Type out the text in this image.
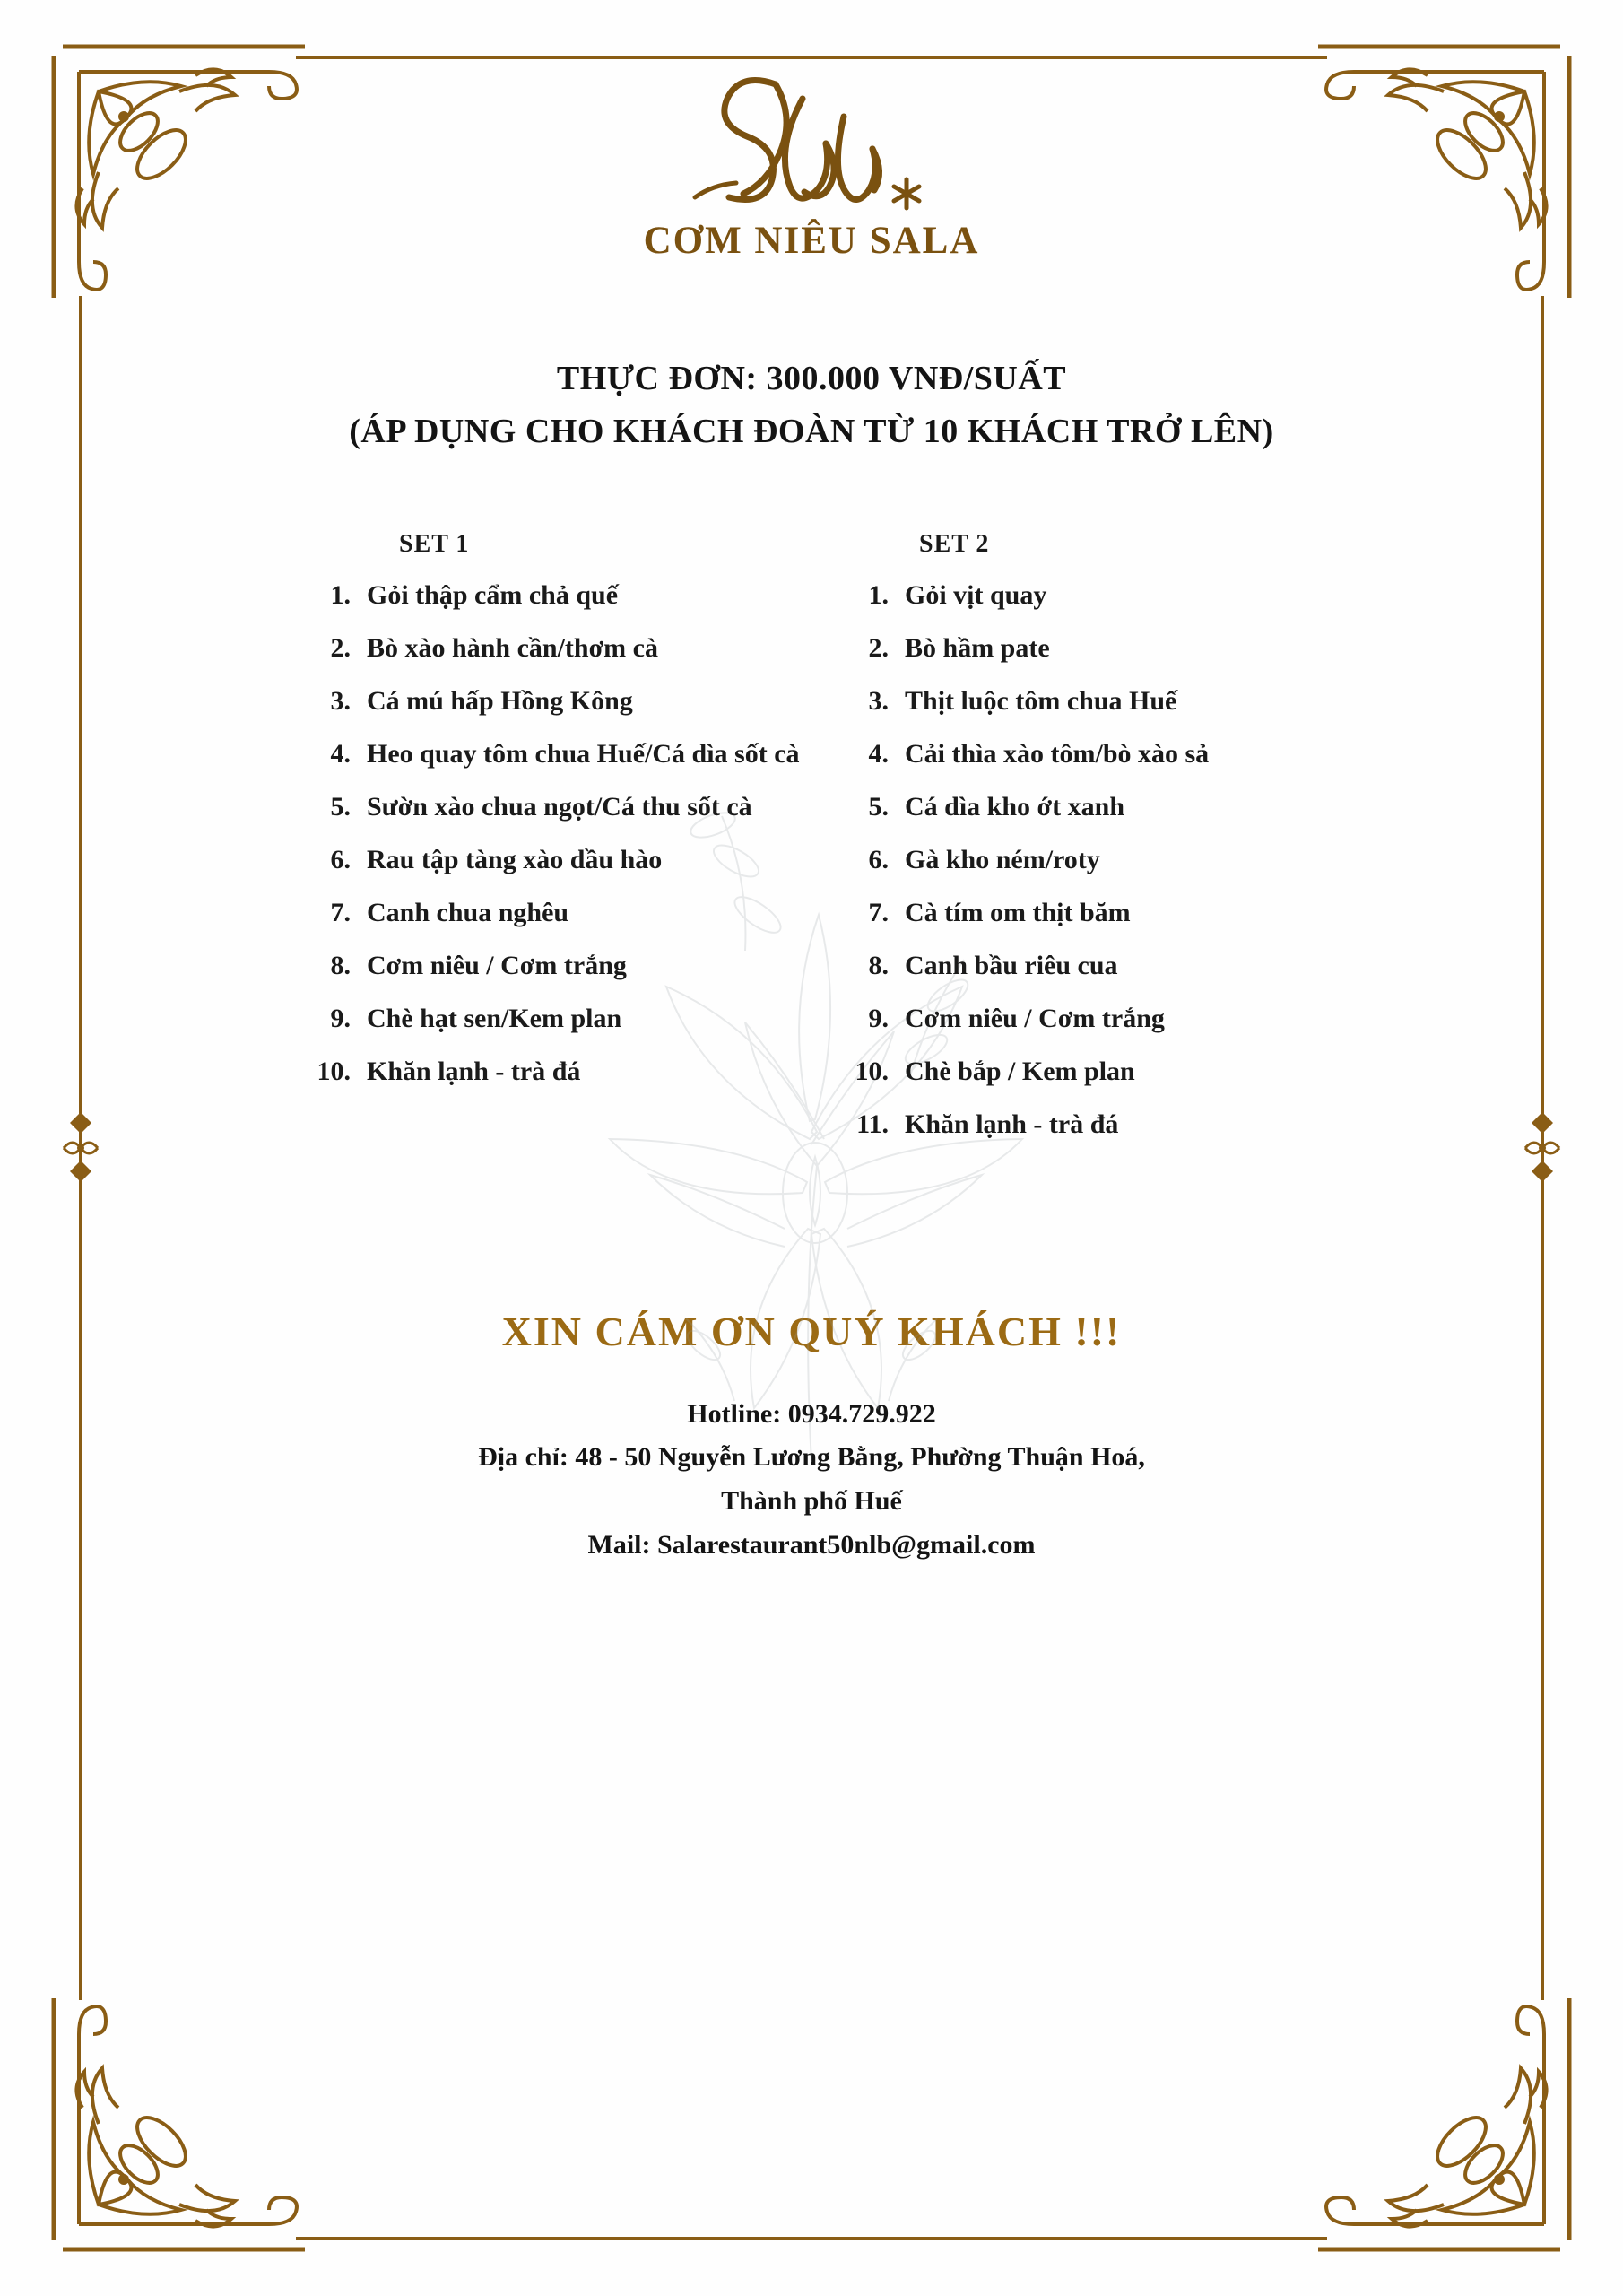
CƠM NIÊU SALA
THỰC ĐƠN: 300.000 VNĐ/SUẤT
(ÁP DỤNG CHO KHÁCH ĐOÀN TỪ 10 KHÁCH TRỞ LÊN)
SET 1
1. Gỏi thập cẩm chả quế
2. Bò xào hành cần/thơm cà
3. Cá mú hấp Hồng Kông
4. Heo quay tôm chua Huế/Cá dìa sốt cà
5. Sườn xào chua ngọt/Cá thu sốt cà
6. Rau tập tàng xào dầu hào
7. Canh chua nghêu
8. Cơm niêu / Cơm trắng
9. Chè hạt sen/Kem plan
10. Khăn lạnh - trà đá
SET 2
1. Gỏi vịt quay
2. Bò hầm pate
3. Thịt luộc tôm chua Huế
4. Cải thìa xào tôm/bò xào sả
5. Cá dìa kho ớt xanh
6. Gà kho ném/roty
7. Cà tím om thịt băm
8. Canh bầu riêu cua
9. Cơm niêu / Cơm trắng
10. Chè bắp / Kem plan
11. Khăn lạnh - trà đá
XIN CÁM ƠN QUÝ KHÁCH !!!
Hotline: 0934.729.922
Địa chỉ: 48 - 50 Nguyễn Lương Bằng, Phường Thuận Hoá,
Thành phố Huế
Mail: Salarestaurant50nlb@gmail.com
